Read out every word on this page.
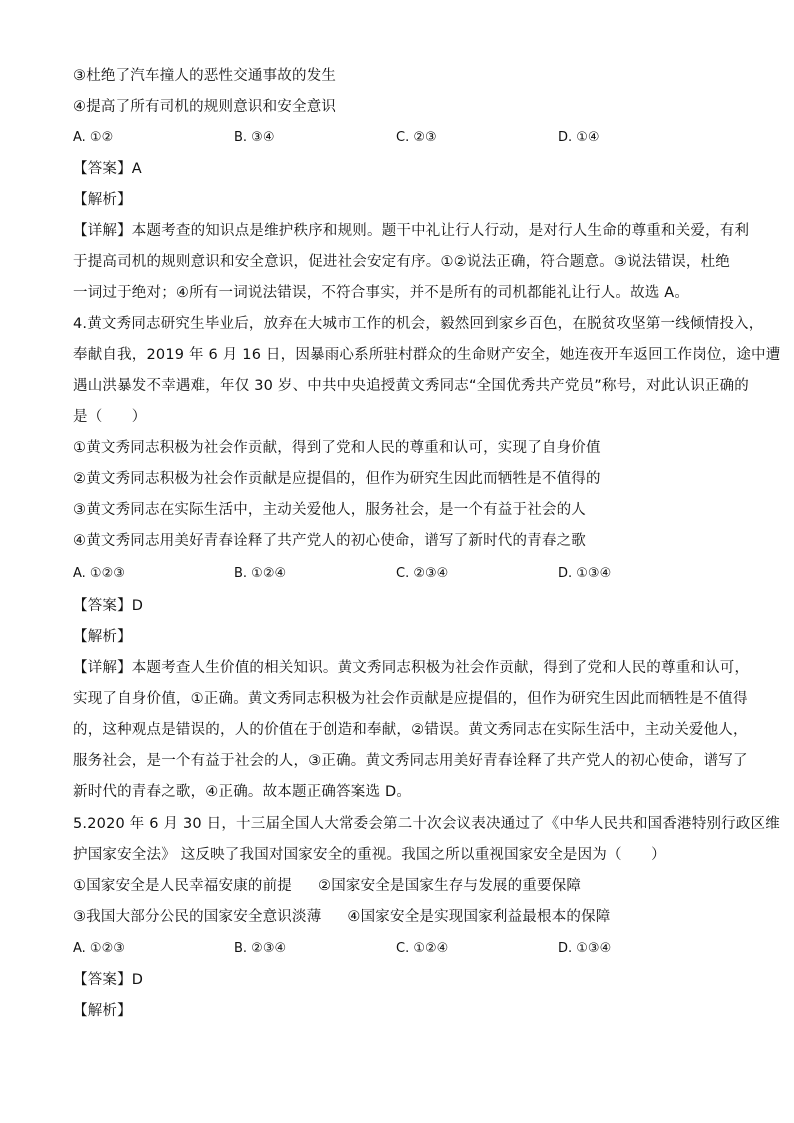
③杜绝了汽车撞人的恶性交通事故的发生
④提高了所有司机的规则意识和安全意识
A. ①②	B. ③④	C. ②③	D. ①④
【答案】A
【解析】
【详解】本题考查的知识点是维护秩序和规则。题干中礼让行人行动，是对行人生命的尊重和关爱，有利
于提高司机的规则意识和安全意识，促进社会安定有序。①②说法正确，符合题意。③说法错误，杜绝
一词过于绝对；④所有一词说法错误，不符合事实，并不是所有的司机都能礼让行人。故选 A。
4.黄文秀同志研究生毕业后，放弃在大城市工作的机会，毅然回到家乡百色，在脱贫攻坚第一线倾情投入，
奉献自我，2019 年 6 月 16 日，因暴雨心系所驻村群众的生命财产安全，她连夜开车返回工作岗位，途中遭
遇山洪暴发不幸遇难，年仅 30 岁、中共中央追授黄文秀同志“全国优秀共产党员”称号，对此认识正确的
是（　　）
①黄文秀同志积极为社会作贡献，得到了党和人民的尊重和认可，实现了自身价值
②黄文秀同志积极为社会作贡献是应提倡的，但作为研究生因此而牺牲是不值得的
③黄文秀同志在实际生活中，主动关爱他人，服务社会，是一个有益于社会的人
④黄文秀同志用美好青春诠释了共产党人的初心使命，谱写了新时代的青春之歌
A. ①②③	B. ①②④	C. ②③④	D. ①③④
【答案】D
【解析】
【详解】本题考查人生价值的相关知识。黄文秀同志积极为社会作贡献，得到了党和人民的尊重和认可，
实现了自身价值，①正确。黄文秀同志积极为社会作贡献是应提倡的，但作为研究生因此而牺牲是不值得
的，这种观点是错误的，人的价值在于创造和奉献，②错误。黄文秀同志在实际生活中，主动关爱他人，
服务社会，是一个有益于社会的人，③正确。黄文秀同志用美好青春诠释了共产党人的初心使命，谱写了
新时代的青春之歌，④正确。故本题正确答案选 D。
5.2020 年 6 月 30 日，十三届全国人大常委会第二十次会议表决通过了《中华人民共和国香港特别行政区维
护国家安全法》 这反映了我国对国家安全的重视。我国之所以重视国家安全是因为（　　）
①国家安全是人民幸福安康的前提 ②国家安全是国家生存与发展的重要保障
③我国大部分公民的国家安全意识淡薄 ④国家安全是实现国家利益最根本的保障
A. ①②③	B. ②③④	C. ①②④	D. ①③④
【答案】D
【解析】
